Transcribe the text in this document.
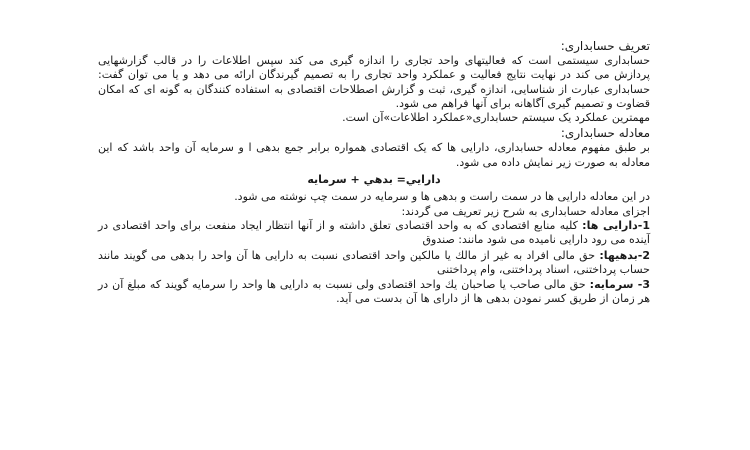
تعریف حسابداری:

حسابداری سیستمی است که فعالیتهای واحد تجاری را اندازه گیری می کند سپس اطلاعات را در قالب گزارشهایی پردازش می کند در نهایت نتایج فعالیت و عملکرد واحد تجاری را به تصمیم گیرندگان ارائه می دهد و یا می توان گفت: حسابداری عبارت از شناسایی، اندازه گیری، ثبت و گزارش اصطلاحات اقتصادی به استفاده کنندگان به گونه ای که امکان قضاوت و تصمیم گیری آگاهانه برای آنها فراهم می شود.

مهمترین عملکرد یک سیستم حسابداری«عملکرد اطلاعات»آن است.

معادله حسابداری:

بر طبق مفهوم معادله حسابداری، دارایی ها که یک اقتصادی همواره برابر جمع بدهی ا و سرمایه آن واحد باشد که این معادله به صورت زیر نمایش داده می شود.

دارايي= بدهي + سرمايه

در این معادله دارایی ها در سمت راست و بدهی ها و سرمایه در سمت چپ نوشته می شود.

اجزای معادله حسابداری به شرح زیر تعریف می گردند:

1-دارایی ها: کلیه منابع اقتصادی که به واحد اقتصادی تعلق داشته و از آنها انتظار ایجاد منفعت برای واحد اقتصادی در آینده می رود دارایی نامیده می شود مانند: صندوق

2-بدهیها: حق مالی افراد به غیر از مالك یا مالکین واحد اقتصادی نسبت به دارایی ها آن واحد را بدهی می گویند مانند حساب پرداختنی، اسناد پرداختنی، وام پرداختنی

3- سرمایه: حق مالی صاحب یا صاحبان یك واحد اقتصادی ولی نسبت به دارایی ها واحد را سرمایه گویند که مبلغ آن در هر زمان از طریق کسر نمودن بدهی ها از دارای ها آن بدست می آید.
